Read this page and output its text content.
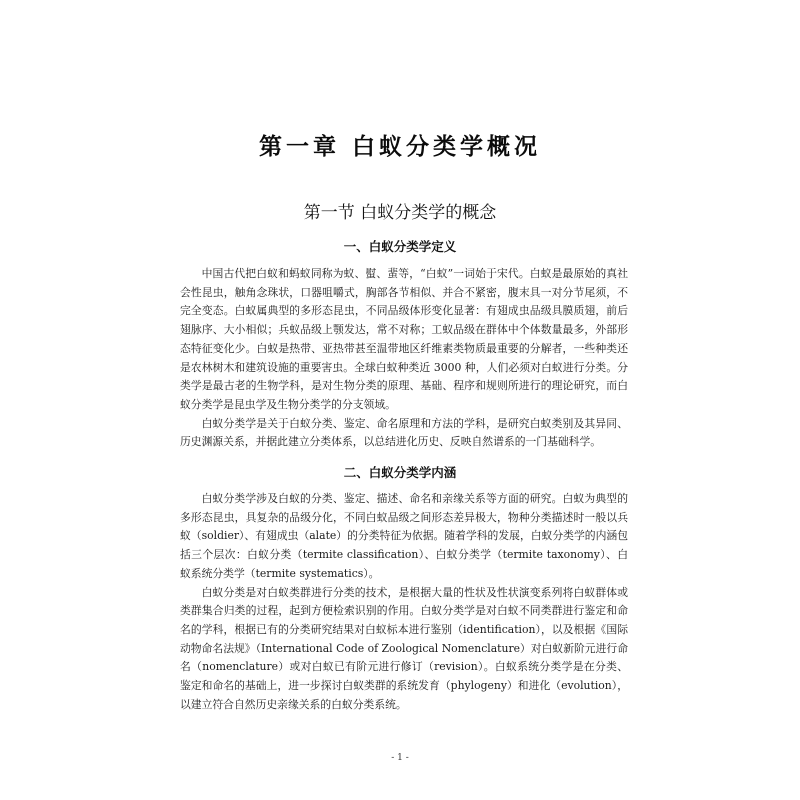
第一章 白蚁分类学概况
第一节 白蚁分类学的概念
一、白蚁分类学定义

中国古代把白蚁和蚂蚁同称为蚁、螱、蜚等，“白蚁”一词始于宋代。白蚁是最原始的真社会性昆虫，触角念珠状，口器咀嚼式，胸部各节相似、并合不紧密，腹末具一对分节尾须，不完全变态。白蚁属典型的多形态昆虫，不同品级体形变化显著：有翅成虫品级具膜质翅，前后翅脉序、大小相似；兵蚁品级上颚发达，常不对称；工蚁品级在群体中个体数量最多，外部形态特征变化少。白蚁是热带、亚热带甚至温带地区纤维素类物质最重要的分解者，一些种类还是农林树木和建筑设施的重要害虫。全球白蚁种类近 3000 种，人们必须对白蚁进行分类。分类学是最古老的生物学科，是对生物分类的原理、基础、程序和规则所进行的理论研究，而白蚁分类学是昆虫学及生物分类学的分支领域。

白蚁分类学是关于白蚁分类、鉴定、命名原理和方法的学科，是研究白蚁类别及其异同、历史渊源关系，并据此建立分类体系，以总结进化历史、反映自然谱系的一门基础科学。

二、白蚁分类学内涵

白蚁分类学涉及白蚁的分类、鉴定、描述、命名和亲缘关系等方面的研究。白蚁为典型的多形态昆虫，具复杂的品级分化，不同白蚁品级之间形态差异极大，物种分类描述时一般以兵蚁（soldier）、有翅成虫（alate）的分类特征为依据。随着学科的发展，白蚁分类学的内涵包括三个层次：白蚁分类（termite classification）、白蚁分类学（termite taxonomy）、白蚁系统分类学（termite systematics）。

白蚁分类是对白蚁类群进行分类的技术，是根据大量的性状及性状演变系列将白蚁群体或类群集合归类的过程，起到方便检索识别的作用。白蚁分类学是对白蚁不同类群进行鉴定和命名的学科，根据已有的分类研究结果对白蚁标本进行鉴别（identification），以及根据《国际动物命名法规》（International Code of Zoological Nomenclature）对白蚁新阶元进行命名（nomenclature）或对白蚁已有阶元进行修订（revision）。白蚁系统分类学是在分类、鉴定和命名的基础上，进一步探讨白蚁类群的系统发育（phylogeny）和进化（evolution），以建立符合自然历史亲缘关系的白蚁分类系统。

- 1 -
